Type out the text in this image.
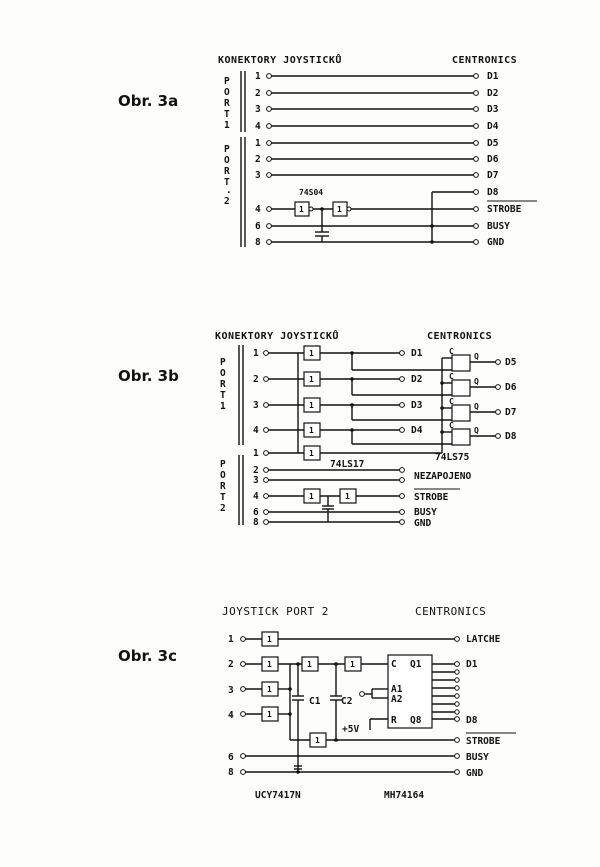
Obr. 3a
KONEKTORY JOYSTICKŮ	CENTRONICS
P
O
R
T
1
P
O
R
T
.
2
1
2
3
4
1
2
3
4
6
8
74S04
1	1
D1
D2
D3
D4
D5
D6
D7
D8
STROBE
BUSY
GND
Obr. 3b
KONEKTORY JOYSTICKŮ	CENTRONICS
P
O
R
T
1
P
O
R
T
2
1
2
3
4
1
2
3
4
6
8
1
1
1
1
1
1	1
C
C
C
C
Q
Q
Q
Q
D1
D2
D3
D4
D5
D6
D7
D8
74LS75
74LS17
NEZAPOJENO
STROBE
BUSY
GND
Obr. 3c
JOYSTICK PORT 2	CENTRONICS
1
2
3
4
6
8
1
1
1
1
1	1
1
C Q1
A1
A2
R Q8
C1 C2
+5V
LATCHE
D1
D8
STROBE
BUSY
GND
UCY7417N	MH74164
